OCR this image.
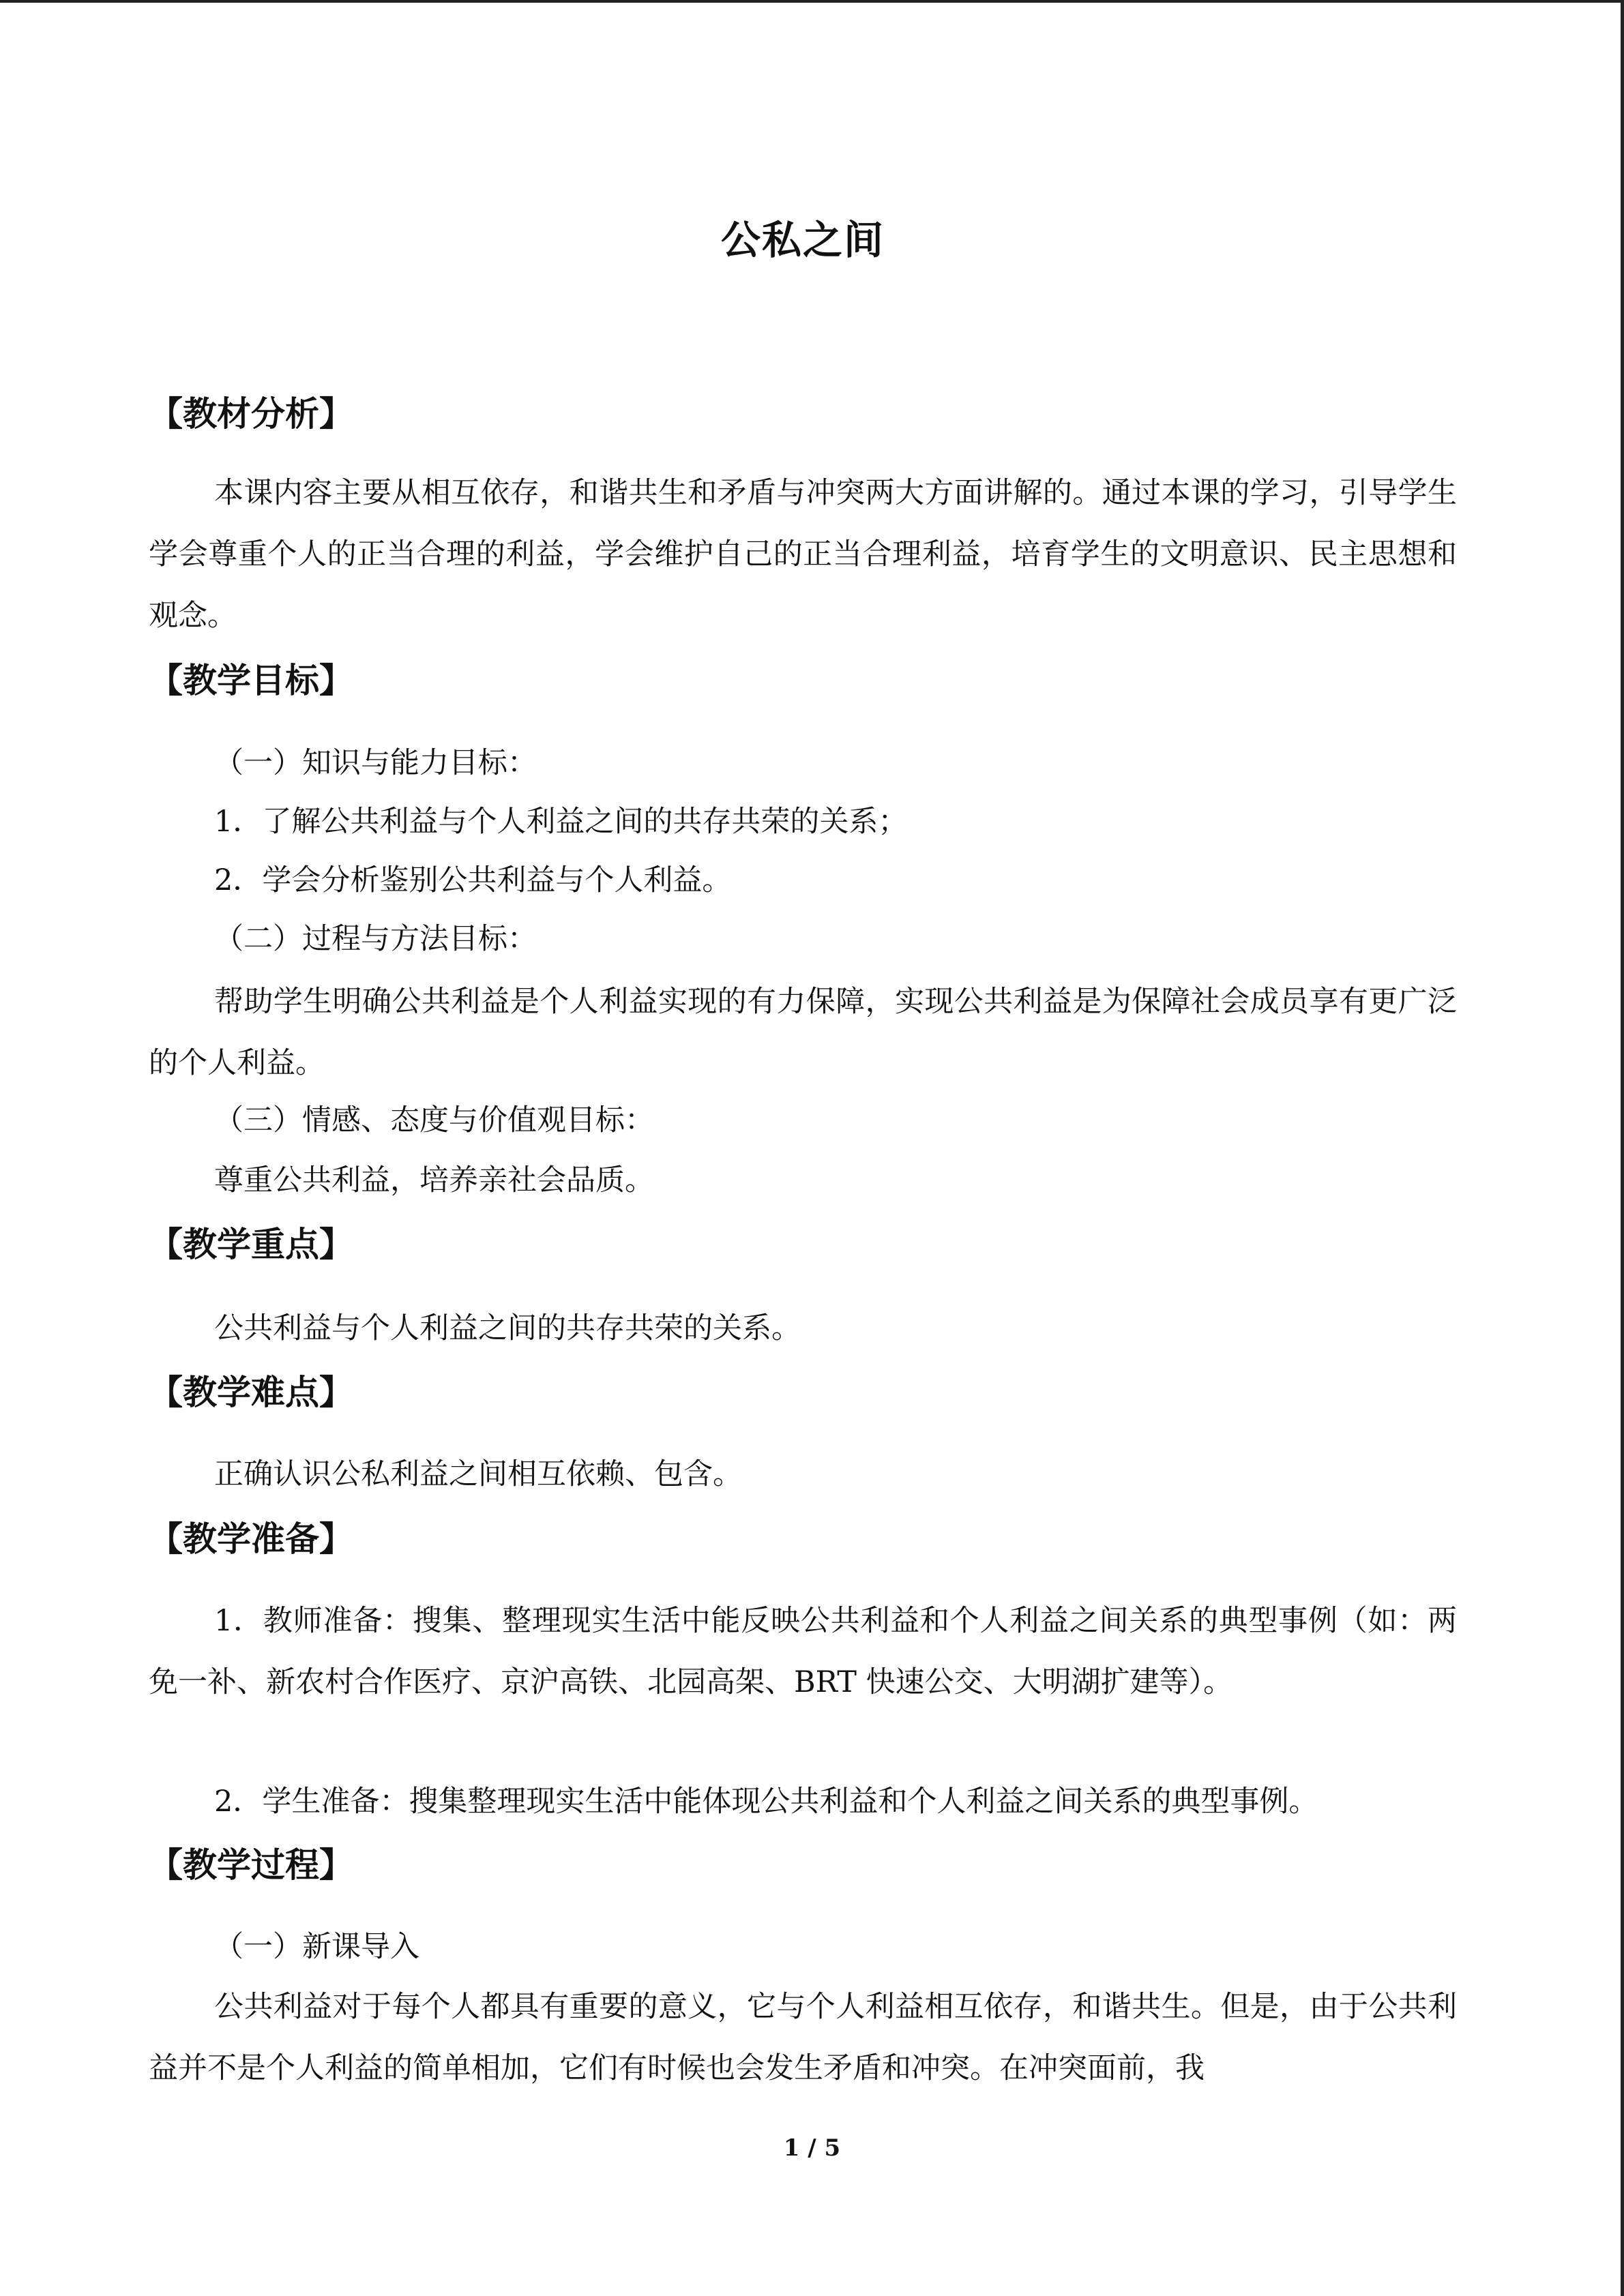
公私之间
【教材分析】
本课内容主要从相互依存，和谐共生和矛盾与冲突两大方面讲解的。通过本课的学习，引导学生学会尊重个人的正当合理的利益，学会维护自己的正当合理利益，培育学生的文明意识、民主思想和观念。
【教学目标】
（一）知识与能力目标：
1．了解公共利益与个人利益之间的共存共荣的关系；
2．学会分析鉴别公共利益与个人利益。
（二）过程与方法目标：
帮助学生明确公共利益是个人利益实现的有力保障，实现公共利益是为保障社会成员享有更广泛的个人利益。
（三）情感、态度与价值观目标：
尊重公共利益，培养亲社会品质。
【教学重点】
公共利益与个人利益之间的共存共荣的关系。
【教学难点】
正确认识公私利益之间相互依赖、包含。
【教学准备】
1．教师准备：搜集、整理现实生活中能反映公共利益和个人利益之间关系的典型事例（如：两免一补、新农村合作医疗、京沪高铁、北园高架、BRT 快速公交、大明湖扩建等）。
2．学生准备：搜集整理现实生活中能体现公共利益和个人利益之间关系的典型事例。
【教学过程】
（一）新课导入
公共利益对于每个人都具有重要的意义，它与个人利益相互依存，和谐共生。但是，由于公共利益并不是个人利益的简单相加，它们有时候也会发生矛盾和冲突。在冲突面前，我
1 / 5
